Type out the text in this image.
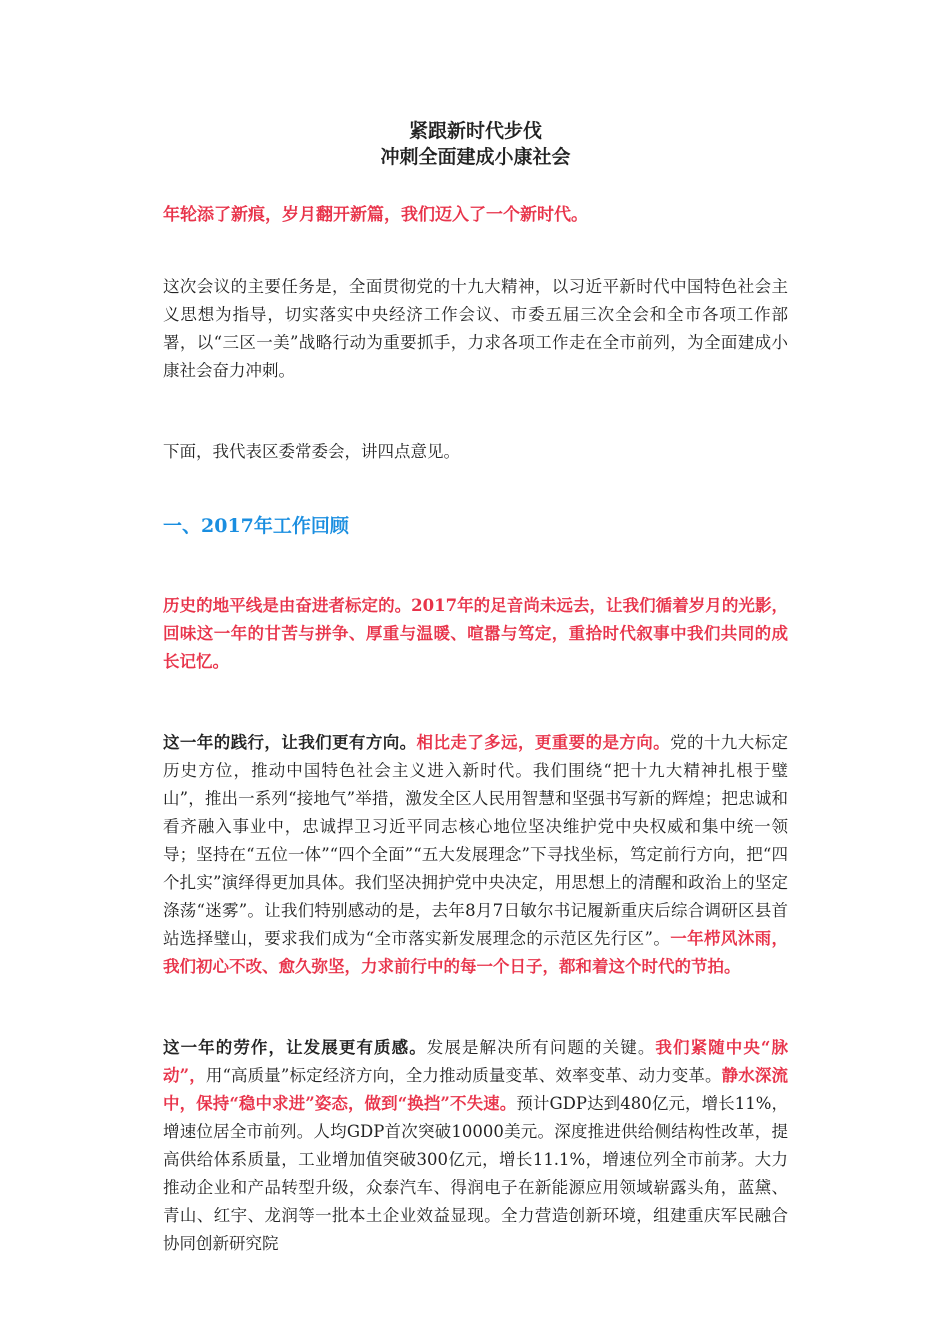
紧跟新时代步伐
冲刺全面建成小康社会
年轮添了新痕，岁月翻开新篇，我们迈入了一个新时代。
这次会议的主要任务是，全面贯彻党的十九大精神，以习近平新时代中国特色社会主义思想为指导，切实落实中央经济工作会议、市委五届三次全会和全市各项工作部署，以“三区一美”战略行动为重要抓手，力求各项工作走在全市前列，为全面建成小康社会奋力冲刺。
下面，我代表区委常委会，讲四点意见。
一、2017年工作回顾
历史的地平线是由奋进者标定的。2017年的足音尚未远去，让我们循着岁月的光影，回味这一年的甘苦与拼争、厚重与温暖、喧嚣与笃定，重拾时代叙事中我们共同的成长记忆。
这一年的践行，让我们更有方向。相比走了多远，更重要的是方向。党的十九大标定历史方位，推动中国特色社会主义进入新时代。我们围绕“把十九大精神扎根于璧山”，推出一系列“接地气”举措，激发全区人民用智慧和坚强书写新的辉煌；把忠诚和看齐融入事业中，忠诚捍卫习近平同志核心地位坚决维护党中央权威和集中统一领导；坚持在“五位一体”“四个全面”“五大发展理念”下寻找坐标，笃定前行方向，把“四个扎实”演绎得更加具体。我们坚决拥护党中央决定，用思想上的清醒和政治上的坚定涤荡“迷雾”。让我们特别感动的是，去年8月7日敏尔书记履新重庆后综合调研区县首站选择璧山，要求我们成为“全市落实新发展理念的示范区先行区”。一年栉风沐雨，我们初心不改、愈久弥坚，力求前行中的每一个日子，都和着这个时代的节拍。
这一年的劳作，让发展更有质感。发展是解决所有问题的关键。我们紧随中央“脉动”，用“高质量”标定经济方向，全力推动质量变革、效率变革、动力变革。静水深流中，保持“稳中求进”姿态，做到“换挡”不失速。预计GDP达到480亿元，增长11%，增速位居全市前列。人均GDP首次突破10000美元。深度推进供给侧结构性改革，提高供给体系质量，工业增加值突破300亿元，增长11.1%，增速位列全市前茅。大力推动企业和产品转型升级，众泰汽车、得润电子在新能源应用领域崭露头角，蓝黛、青山、红宇、龙润等一批本土企业效益显现。全力营造创新环境，组建重庆军民融合协同创新研究院
